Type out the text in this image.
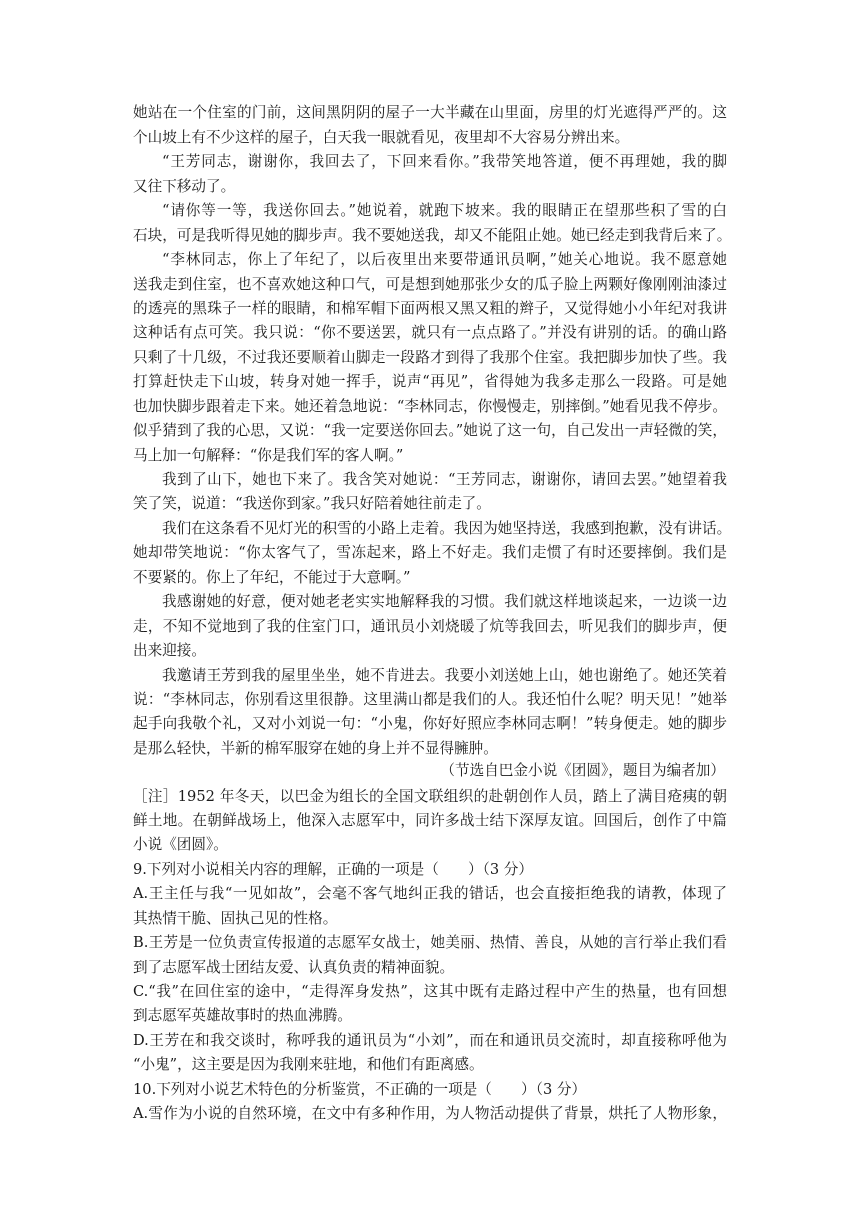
她站在一个住室的门前，这间黑阴阴的屋子一大半藏在山里面，房里的灯光遮得严严的。这
个山坡上有不少这样的屋子，白天我一眼就看见，夜里却不大容易分辨出来。
“王芳同志，谢谢你，我回去了，下回来看你。”我带笑地答道，便不再理她，我的脚
又往下移动了。
“请你等一等，我送你回去。”她说着，就跑下坡来。我的眼睛正在望那些积了雪的白
石块，可是我听得见她的脚步声。我不要她送我，却又不能阻止她。她已经走到我背后来了。
“李林同志，你上了年纪了，以后夜里出来要带通讯员啊，”她关心地说。我不愿意她
送我走到住室，也不喜欢她这种口气，可是想到她那张少女的瓜子脸上两颗好像刚刚油漆过
的透亮的黑珠子一样的眼睛，和棉军帽下面两根又黑又粗的辫子，又觉得她小小年纪对我讲
这种话有点可笑。我只说：“你不要送罢，就只有一点点路了。”并没有讲别的话。的确山路
只剩了十几级，不过我还要顺着山脚走一段路才到得了我那个住室。我把脚步加快了些。我
打算赶快走下山坡，转身对她一挥手，说声“再见”，省得她为我多走那么一段路。可是她
也加快脚步跟着走下来。她还着急地说：“李林同志，你慢慢走，别摔倒。”她看见我不停步。
似乎猜到了我的心思，又说：“我一定要送你回去。”她说了这一句，自己发出一声轻微的笑，
马上加一句解释：“你是我们军的客人啊。”
我到了山下，她也下来了。我含笑对她说：“王芳同志，谢谢你，请回去罢。”她望着我
笑了笑，说道：“我送你到家。”我只好陪着她往前走了。
我们在这条看不见灯光的积雪的小路上走着。我因为她坚持送，我感到抱歉，没有讲话。
她却带笑地说：“你太客气了，雪冻起来，路上不好走。我们走惯了有时还要摔倒。我们是
不要紧的。你上了年纪，不能过于大意啊。”
我感谢她的好意，便对她老老实实地解释我的习惯。我们就这样地谈起来，一边谈一边
走，不知不觉地到了我的住室门口，通讯员小刘烧暖了炕等我回去，听见我们的脚步声，便
出来迎接。
我邀请王芳到我的屋里坐坐，她不肯进去。我要小刘送她上山，她也谢绝了。她还笑着
说：“李林同志，你别看这里很静。这里满山都是我们的人。我还怕什么呢？明天见！”她举
起手向我敬个礼，又对小刘说一句：“小鬼，你好好照应李林同志啊！”转身便走。她的脚步
是那么轻快，半新的棉军服穿在她的身上并不显得臃肿。
（节选自巴金小说《团圆》，题目为编者加）
［注］1952 年冬天，以巴金为组长的全国文联组织的赴朝创作人员，踏上了满目疮痍的朝
鲜土地。在朝鲜战场上，他深入志愿军中，同许多战士结下深厚友谊。回国后，创作了中篇
小说《团圆》。
9.下列对小说相关内容的理解，正确的一项是（　　）（3 分）
A.王主任与我“一见如故”，会毫不客气地纠正我的错话，也会直接拒绝我的请教，体现了
其热情干脆、固执己见的性格。
B.王芳是一位负责宣传报道的志愿军女战士，她美丽、热情、善良，从她的言行举止我们看
到了志愿军战士团结友爱、认真负责的精神面貌。
C.“我”在回住室的途中，“走得浑身发热”，这其中既有走路过程中产生的热量，也有回想
到志愿军英雄故事时的热血沸腾。
D.王芳在和我交谈时，称呼我的通讯员为“小刘”，而在和通讯员交流时，却直接称呼他为
“小鬼”，这主要是因为我刚来驻地，和他们有距离感。
10.下列对小说艺术特色的分析鉴赏，不正确的一项是（　　）（3 分）
A.雪作为小说的自然环境，在文中有多种作用，为人物活动提供了背景，烘托了人物形象，
